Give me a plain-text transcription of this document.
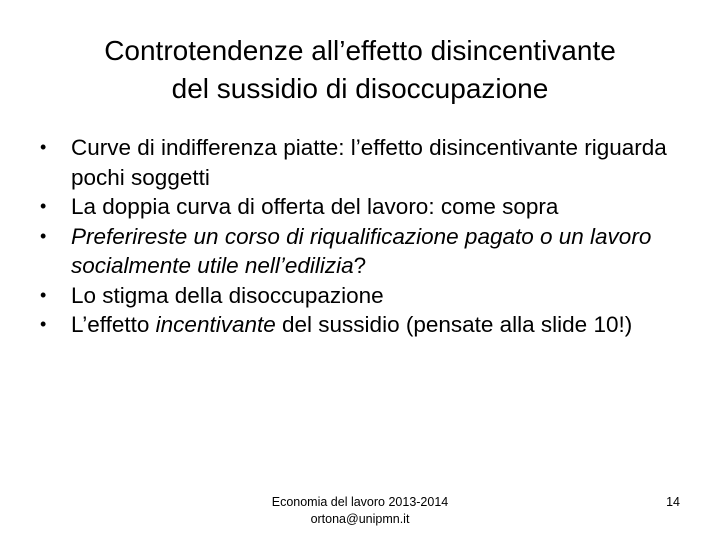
Controtendenze all’effetto disincentivante
del sussidio di disoccupazione
• Curve di indifferenza piatte: l’effetto disincentivante riguarda pochi soggetti
• La doppia curva di offerta del lavoro: come sopra
• Preferireste un corso di riqualificazione pagato o un lavoro socialmente utile nell’edilizia?
• Lo stigma della disoccupazione
• L’effetto incentivante del sussidio (pensate alla slide 10!)
Economia del lavoro 2013-2014
ortona@unipmn.it
14
